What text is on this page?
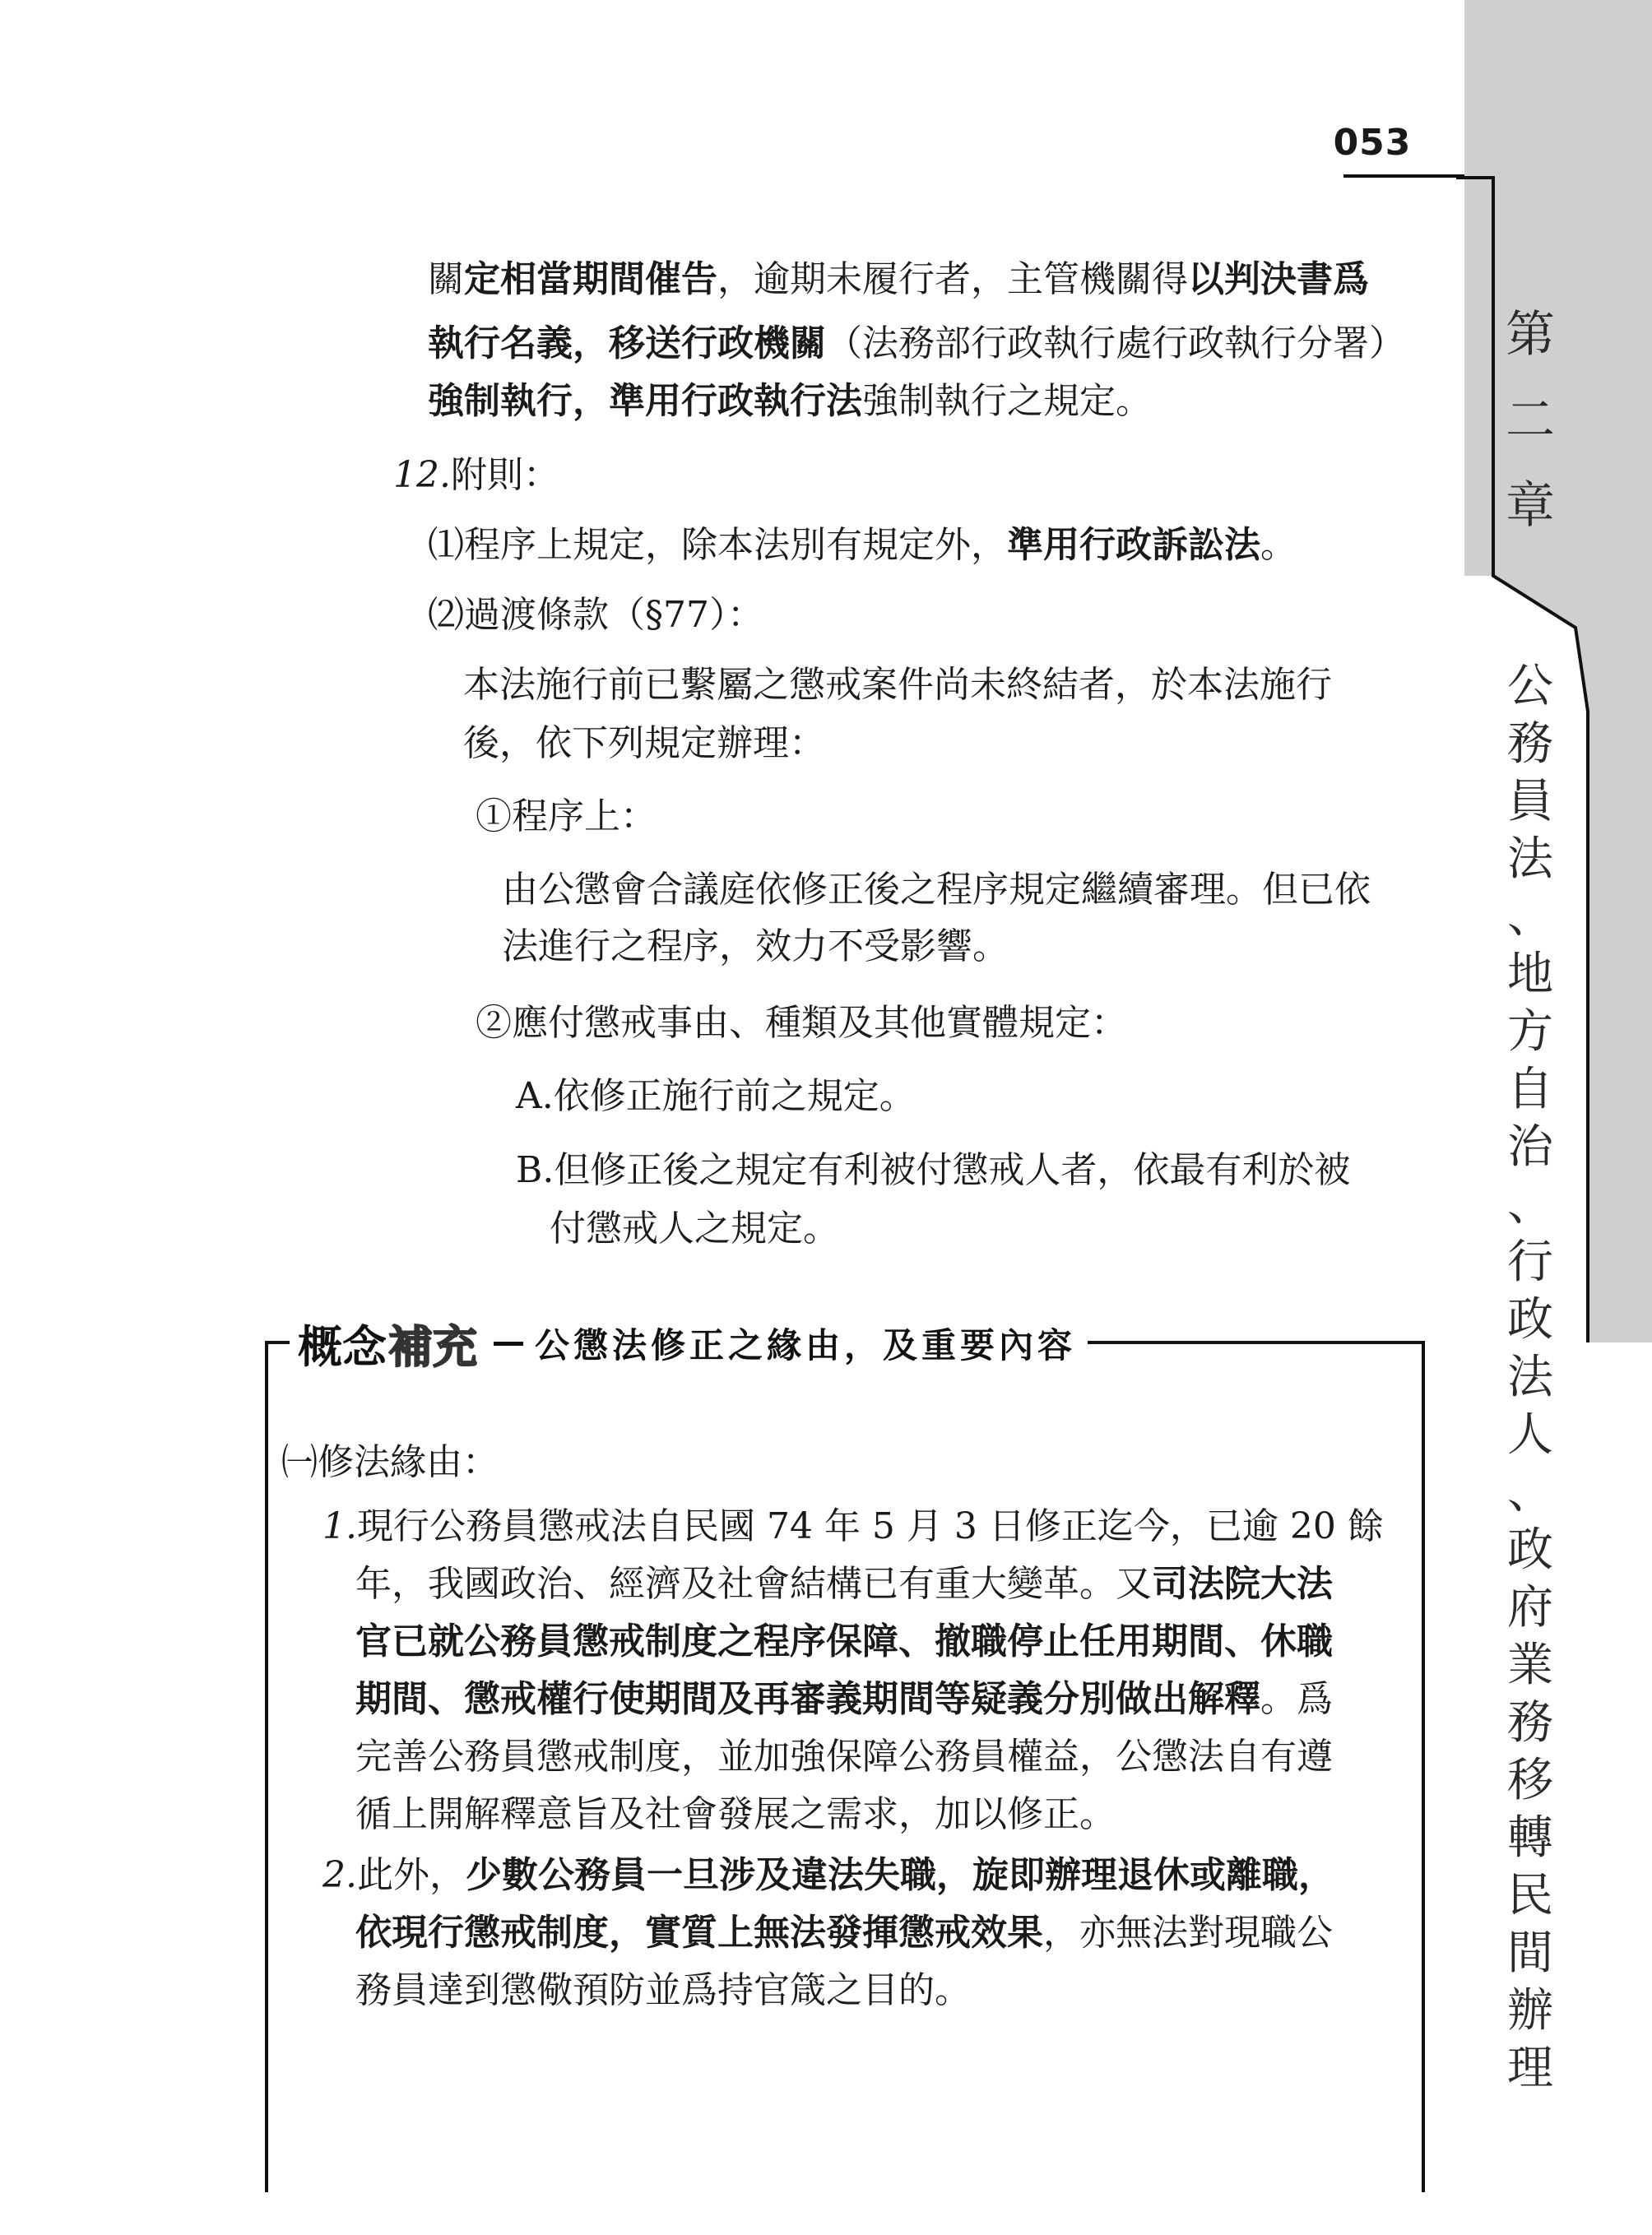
053
第
二
章
公
務
員
法
、
地
方
自
治
、
行
政
法
人
、
政
府
業
務
移
轉
民
間
辦
理

關定相當期間催告，逾期未履行者，主管機關得以判決書爲

執行名義，移送行政機關（法務部行政執行處行政執行分署）

強制執行，準用行政執行法強制執行之規定。

12.附則：

⑴程序上規定，除本法別有規定外，準用行政訴訟法。

⑵過渡條款（§77）：

本法施行前已繫屬之懲戒案件尚未終結者，於本法施行

後，依下列規定辦理：

①程序上：

由公懲會合議庭依修正後之程序規定繼續審理。但已依

法進行之程序，效力不受影響。

②應付懲戒事由、種類及其他實體規定：

A.依修正施行前之規定。

B.但修正後之規定有利被付懲戒人者，依最有利於被

付懲戒人之規定。

概念 補充 公懲法修正之緣由，及重要內容

㈠修法緣由：

1.現行公務員懲戒法自民國 74 年 5 月 3 日修正迄今，已逾 20 餘

年，我國政治、經濟及社會結構已有重大變革。又司法院大法

官已就公務員懲戒制度之程序保障、撤職停止任用期間、休職

期間、懲戒權行使期間及再審義期間等疑義分別做出解釋。爲

完善公務員懲戒制度，並加強保障公務員權益，公懲法自有遵

循上開解釋意旨及社會發展之需求，加以修正。

2.此外，少數公務員一旦涉及違法失職，旋即辦理退休或離職，

依現行懲戒制度，實質上無法發揮懲戒效果，亦無法對現職公

務員達到懲儆預防並爲持官箴之目的。
